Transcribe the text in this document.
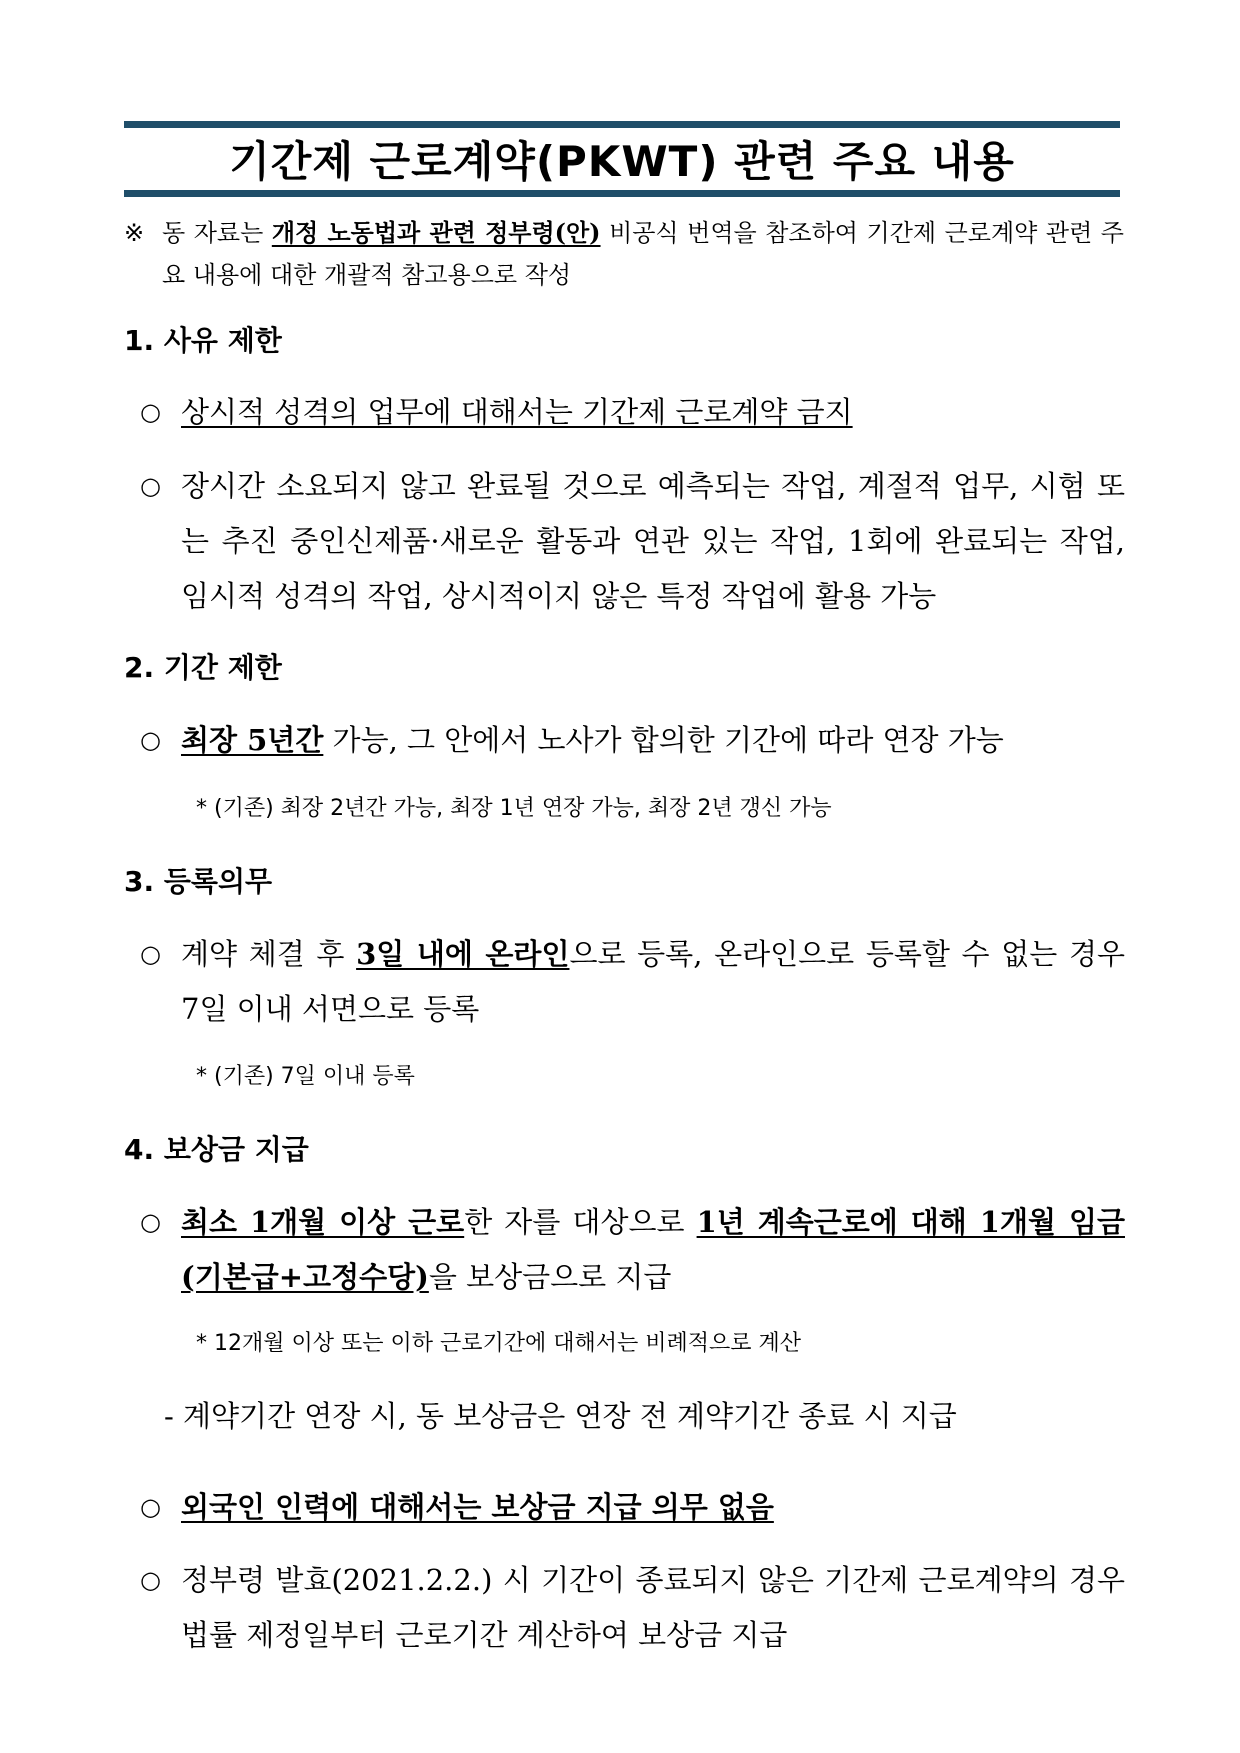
기간제 근로계약(PKWT) 관련 주요 내용
※ 동 자료는 개정 노동법과 관련 정부령(안) 비공식 번역을 참조하여 기간제 근로계약 관련 주요 내용에 대한 개괄적 참고용으로 작성
1. 사유 제한
○ 상시적 성격의 업무에 대해서는 기간제 근로계약 금지
○ 장시간 소요되지 않고 완료될 것으로 예측되는 작업, 계절적 업무, 시험 또는 추진 중인신제품·새로운 활동과 연관 있는 작업, 1회에 완료되는 작업, 임시적 성격의 작업, 상시적이지 않은 특정 작업에 활용 가능
2. 기간 제한
○ 최장 5년간 가능, 그 안에서 노사가 합의한 기간에 따라 연장 가능
* (기존) 최장 2년간 가능, 최장 1년 연장 가능, 최장 2년 갱신 가능
3. 등록의무
○ 계약 체결 후 3일 내에 온라인으로 등록, 온라인으로 등록할 수 없는 경우 7일 이내 서면으로 등록
* (기존) 7일 이내 등록
4. 보상금 지급
○ 최소 1개월 이상 근로한 자를 대상으로 1년 계속근로에 대해 1개월 임금(기본급+고정수당)을 보상금으로 지급
* 12개월 이상 또는 이하 근로기간에 대해서는 비례적으로 계산
- 계약기간 연장 시, 동 보상금은 연장 전 계약기간 종료 시 지급
○ 외국인 인력에 대해서는 보상금 지급 의무 없음
○ 정부령 발효(2021.2.2.) 시 기간이 종료되지 않은 기간제 근로계약의 경우 법률 제정일부터 근로기간 계산하여 보상금 지급
